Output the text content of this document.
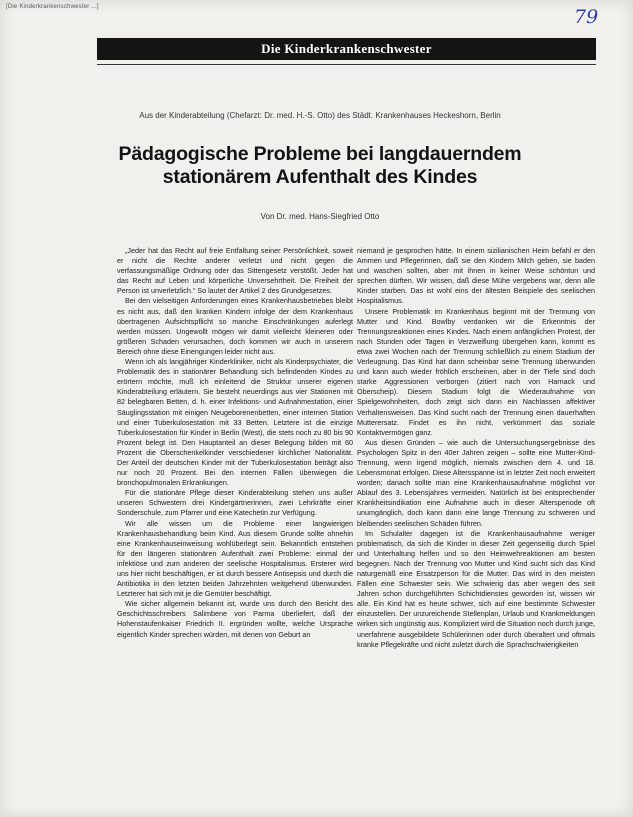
[Die Kinderkrankenschwester ...]	79
Die Kinderkrankenschwester
Aus der Kinderabteilung (Chefarzt: Dr. med. H.-S. Otto) des Städt. Krankenhauses Heckeshorn, Berlin
Pädagogische Probleme bei langdauerndem
stationärem Aufenthalt des Kindes
Von Dr. med. Hans-Siegfried Otto

„Jeder hat das Recht auf freie Entfaltung seiner Persönlichkeit, soweit er nicht die Rechte anderer verletzt und nicht gegen die verfassungsmäßige Ordnung oder das Sittengesetz verstößt. Jeder hat das Recht auf Leben und körperliche Unversehrtheit. Die Freiheit der Person ist unverletzlich.“ So lautet der Artikel 2 des Grundgesetzes.

Bei den vielseitigen Anforderungen eines Krankenhausbetriebes bleibt es nicht aus, daß den kranken Kindern infolge der dem Krankenhaus übertragenen Aufsichtspflicht so manche Einschränkungen auferlegt werden müssen. Ungewollt mögen wir damit vielleicht kleineren oder größeren Schaden verursachen, doch kommen wir auch in unserem Bereich ohne diese Einengungen leider nicht aus.

Wenn ich als langjähriger Kinderkliniker, nicht als Kinderpsychiater, die Problematik des in stationärer Behandlung sich befindenden Kindes zu erörtern möchte, muß ich einleitend die Struktur unserer eigenen Kinderabteilung erläutern. Sie besteht neuerdings aus vier Stationen mit 82 belegbaren Betten, d. h. einer Infektions- und Aufnahmestation, einer Säuglingsstation mit einigen Neugeborenenbetten, einer internen Station und einer Tuberkulosestation mit 33 Betten. Letztere ist die einzige Tuberkulosestation für Kinder in Berlin (West), die stets noch zu 80 bis 90 Prozent belegt ist. Den Hauptanteil an dieser Belegung bilden mit 60 Prozent die Oberschenkelkinder verschiedener kirchlicher Nationalität. Der Anteil der deutschen Kinder mit der Tuberkulosestation beträgt also nur noch 20 Prozent. Bei den internen Fällen überwiegen die bronchopulmonalen Erkrankungen.

Für die stationäre Pflege dieser Kinderabteilung stehen uns außer unseren Schwestern drei Kindergärtnerinnen, zwei Lehrkräfte einer Sonderschule, zum Pfarrer und eine Katechetin zur Verfügung.

Wir alle wissen um die Probleme einer langwierigen Krankenhausbehandlung beim Kind. Aus diesem Grunde sollte ohnehin eine Krankenhauseinweisung wohlüberlegt sein. Bekanntlich entstehen für den längeren stationären Aufenthalt zwei Probleme: einmal der infektiöse und zum anderen der seelische Hospitalismus. Ersterer wird uns hier nicht beschäftigen, er ist durch bessere Antisepsis und durch die Antibiotika in den letzten beiden Jahrzehnten weitgehend überwunden. Letzterer hat sich mit je die Gemüter beschäftigt.

Wie sicher allgemein bekannt ist, wurde uns durch den Bericht des Geschichtsschreibers Salimbene von Parma überliefert, daß der Hohenstaufenkaiser Friedrich II. ergründen wollte, welche Ursprache eigentlich Kinder sprechen würden, mit denen von Geburt an

niemand je gesprochen hätte. In einem sizilianischen Heim befahl er den Ammen und Pflegerinnen, daß sie den Kindern Milch geben, sie baden und waschen sollten, aber mit ihnen in keiner Weise schöntun und sprechen dürften. Wir wissen, daß diese Mühe vergebens war, denn alle Kinder starben. Das ist wohl eins der ältesten Beispiele des seelischen Hospitalismus.

Unsere Problematik im Krankenhaus beginnt mit der Trennung von Mutter und Kind. Bowlby verdanken wir die Erkenntnis der Trennungsreaktionen eines Kindes. Nach einem anfänglichen Protest, der nach Stunden oder Tagen in Verzweiflung übergehen kann, kommt es etwa zwei Wochen nach der Trennung schließlich zu einem Stadium der Verleugnung. Das Kind hat dann scheinbar seine Trennung überwunden und kann auch wieder fröhlich erscheinen, aber in der Tiefe sind doch starke Aggressionen verborgen (zitiert nach von Harnack und Oberscheip). Diesem Stadium folgt die Wiederaufnahme von Spielgewohnheiten, doch zeigt sich dann ein Nachlassen affektiver Verhaltensweisen. Das Kind sucht nach der Trennung einen dauerhaften Mutterersatz. Findet es ihn nicht, verkümmert das soziale Kontaktvermögen ganz.

Aus diesen Gründen – wie auch die Untersuchungsergebnisse des Psychologen Spitz in den 40er Jahren zeigen – sollte eine Mutter-Kind-Trennung, wenn irgend möglich, niemals zwischen dem 4. und 18. Lebensmonat erfolgen. Diese Altersspanne ist in letzter Zeit noch erweitert worden; danach sollte man eine Krankenhausaufnahme möglichst vor Ablauf des 3. Lebensjahres vermeiden. Natürlich ist bei entsprechender Krankheitsindikation eine Aufnahme auch in dieser Altersperiode oft unumgänglich, doch kann dann eine lange Trennung zu schweren und bleibenden seelischen Schäden führen.

Im Schulalter dagegen ist die Krankenhausaufnahme weniger problematisch, da sich die Kinder in dieser Zeit gegenseitig durch Spiel und Unterhaltung helfen und so den Heimwehreaktionen am besten begegnen. Nach der Trennung von Mutter und Kind sucht sich das Kind naturgemäß eine Ersatzperson für die Mutter. Das wird in den meisten Fällen eine Schwester sein. Wie schwierig das aber wegen des seit Jahren schon durchgeführten Schichtdienstes geworden ist, wissen wir alle. Ein Kind hat es heute schwer, sich auf eine bestimmte Schwester einzustellen. Der unzureichende Stellenplan, Urlaub und Krankmeldungen wirken sich ungünstig aus. Kompliziert wird die Situation noch durch junge, unerfahrene ausgebildete Schülerinnen oder durch überaltert und oftmals kranke Pflegekräfte und nicht zuletzt durch die Sprachschwierigkeiten
